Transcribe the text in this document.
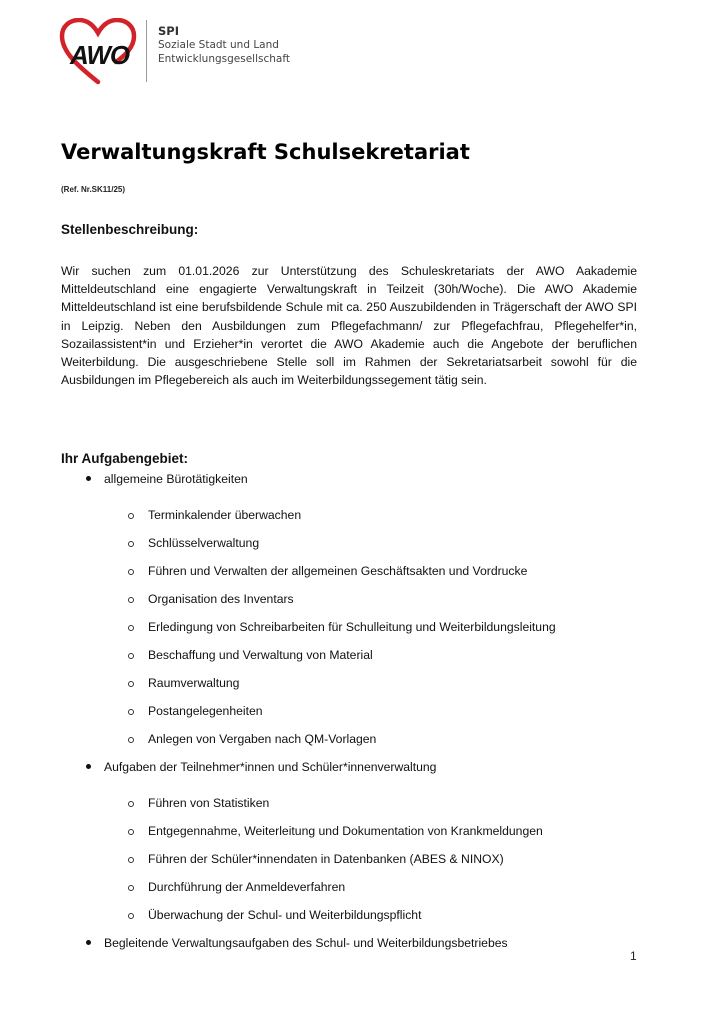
AWO
SPI
Soziale Stadt und Land
Entwicklungsgesellschaft
Verwaltungskraft Schulsekretariat
(Ref. Nr.SK11/25)
Stellenbeschreibung:

Wir suchen zum 01.01.2026 zur Unterstützung des Schuleskretariats der AWO Aakademie Mitteldeutschland eine engagierte Verwaltungskraft in Teilzeit (30h/Woche). Die AWO Akademie Mitteldeutschland ist eine berufsbildende Schule mit ca. 250 Auszubildenden in Trägerschaft der AWO SPI in Leipzig. Neben den Ausbildungen zum Pflegefachmann/ zur Pflegefachfrau, Pflegehelfer*in, Sozailassistent*in und Erzieher*in verortet die AWO Akademie auch die Angebote der beruflichen Weiterbildung. Die ausgeschriebene Stelle soll im Rahmen der Sekretariatsarbeit sowohl für die Ausbildungen im Pflegebereich als auch im Weiterbildungssegement tätig sein.

Ihr Aufgabengebiet:
allgemeine Bürotätigkeiten
Terminkalender überwachen
Schlüsselverwaltung
Führen und Verwalten der allgemeinen Geschäftsakten und Vordrucke
Organisation des Inventars
Erledingung von Schreibarbeiten für Schulleitung und Weiterbildungsleitung
Beschaffung und Verwaltung von Material
Raumverwaltung
Postangelegenheiten
Anlegen von Vergaben nach QM-Vorlagen
Aufgaben der Teilnehmer*innen und Schüler*innenverwaltung
Führen von Statistiken
Entgegennahme, Weiterleitung und Dokumentation von Krankmeldungen
Führen der Schüler*innendaten in Datenbanken (ABES & NINOX)
Durchführung der Anmeldeverfahren
Überwachung der Schul- und Weiterbildungspflicht
Begleitende Verwaltungsaufgaben des Schul- und Weiterbildungsbetriebes
1
